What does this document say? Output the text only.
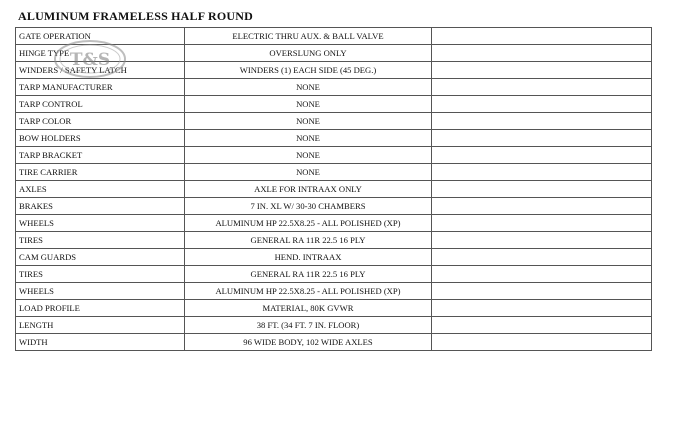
ALUMINUM FRAMELESS HALF ROUND
GATE OPERATION	ELECTRIC THRU AUX. & BALL VALVE	
HINGE TYPE	OVERSLUNG ONLY	
WINDERS / SAFETY LATCH	WINDERS (1) EACH SIDE (45 DEG.)	
TARP MANUFACTURER	NONE	
TARP CONTROL	NONE	
TARP COLOR	NONE	
BOW HOLDERS	NONE	
TARP BRACKET	NONE	
TIRE CARRIER	NONE	
AXLES	AXLE FOR INTRAAX ONLY	
BRAKES	7 IN. XL W/ 30-30 CHAMBERS	
WHEELS	ALUMINUM HP 22.5X8.25 - ALL POLISHED (XP)	
TIRES	GENERAL RA 11R 22.5 16 PLY	
CAM GUARDS	HEND. INTRAAX	
TIRES	GENERAL RA 11R 22.5 16 PLY	
WHEELS	ALUMINUM HP 22.5X8.25 - ALL POLISHED (XP)	
LOAD PROFILE	MATERIAL, 80K GVWR	
LENGTH	38 FT. (34 FT. 7 IN. FLOOR)	
WIDTH	96 WIDE BODY, 102 WIDE AXLES	
T&S
